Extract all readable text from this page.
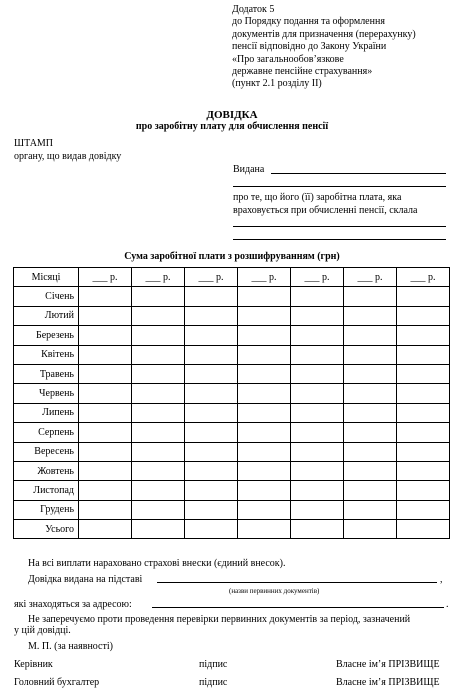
Додаток 5
до Порядку подання та оформлення
документів для призначення (перерахунку)
пенсії відповідно до Закону України
«Про загальнообов’язкове
державне пенсійне страхування»
(пункт 2.1 розділу II)
ДОВІДКА
про заробітну плату для обчислення пенсії
ШТАМП
органу, що видав довідку
Видана
про те, що його (її) заробітна плата, яка
враховується при обчисленні пенсії, склала
Сума заробітної плати з розшифруванням (грн)
Місяці	___ р.	___ р.	___ р.	___ р.	___ р.	___ р.	___ р.
Січень							
Лютий							
Березень							
Квітень							
Травень							
Червень							
Липень							
Серпень							
Вересень							
Жовтень							
Листопад							
Грудень							
Усього							
На всі виплати нараховано страхові внески (єдиний внесок).
Довідка видана на підставі	,
(назви первинних документів)
які знаходяться за адресою:	.
Не заперечуємо проти проведення перевірки первинних документів за період, зазначений
у цій довідці.
М. П. (за наявності)
Керівник	підпис	Власне ім’я ПРІЗВИЩЕ
Головний бухгалтер	підпис	Власне ім’я ПРІЗВИЩЕ
